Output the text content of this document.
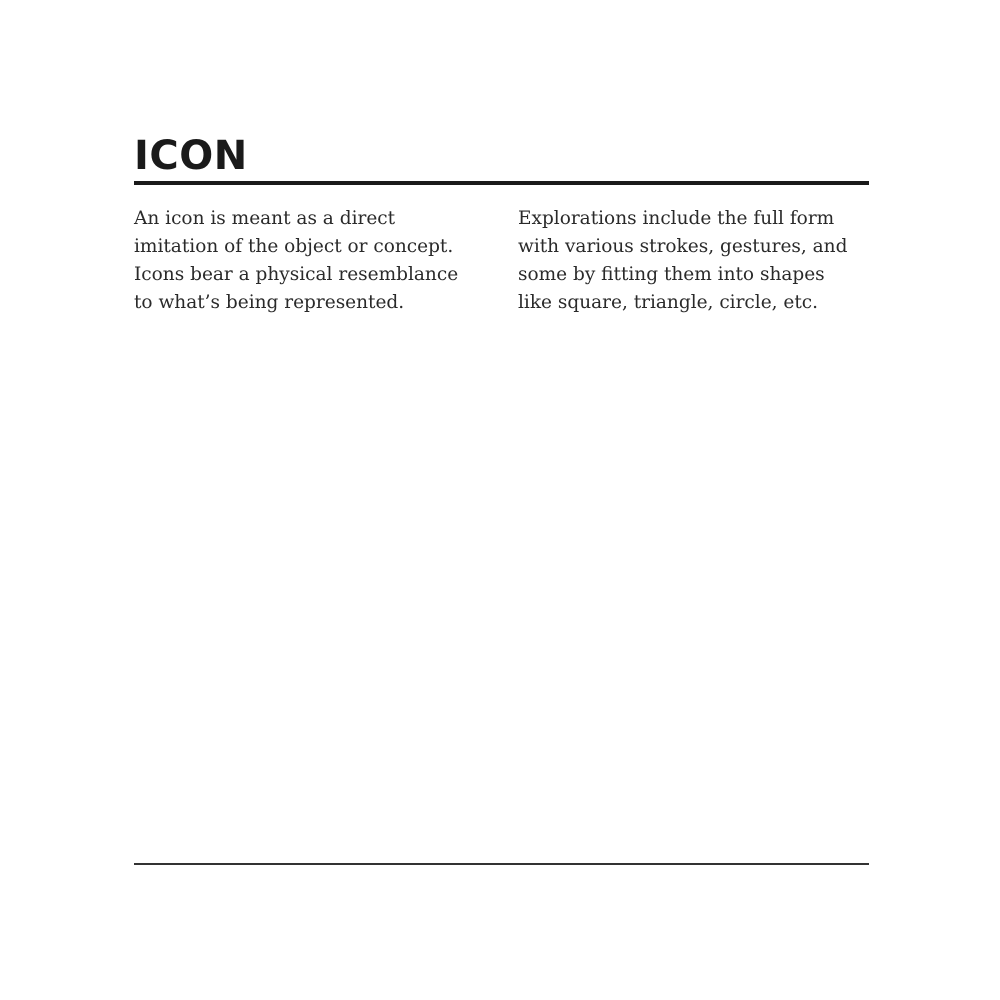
ICON

An icon is meant as a direct
imitation of the object or concept.
Icons bear a physical resemblance
to what’s being represented.

Explorations include the full form
with various strokes, gestures, and
some by fitting them into shapes
like square, triangle, circle, etc.
